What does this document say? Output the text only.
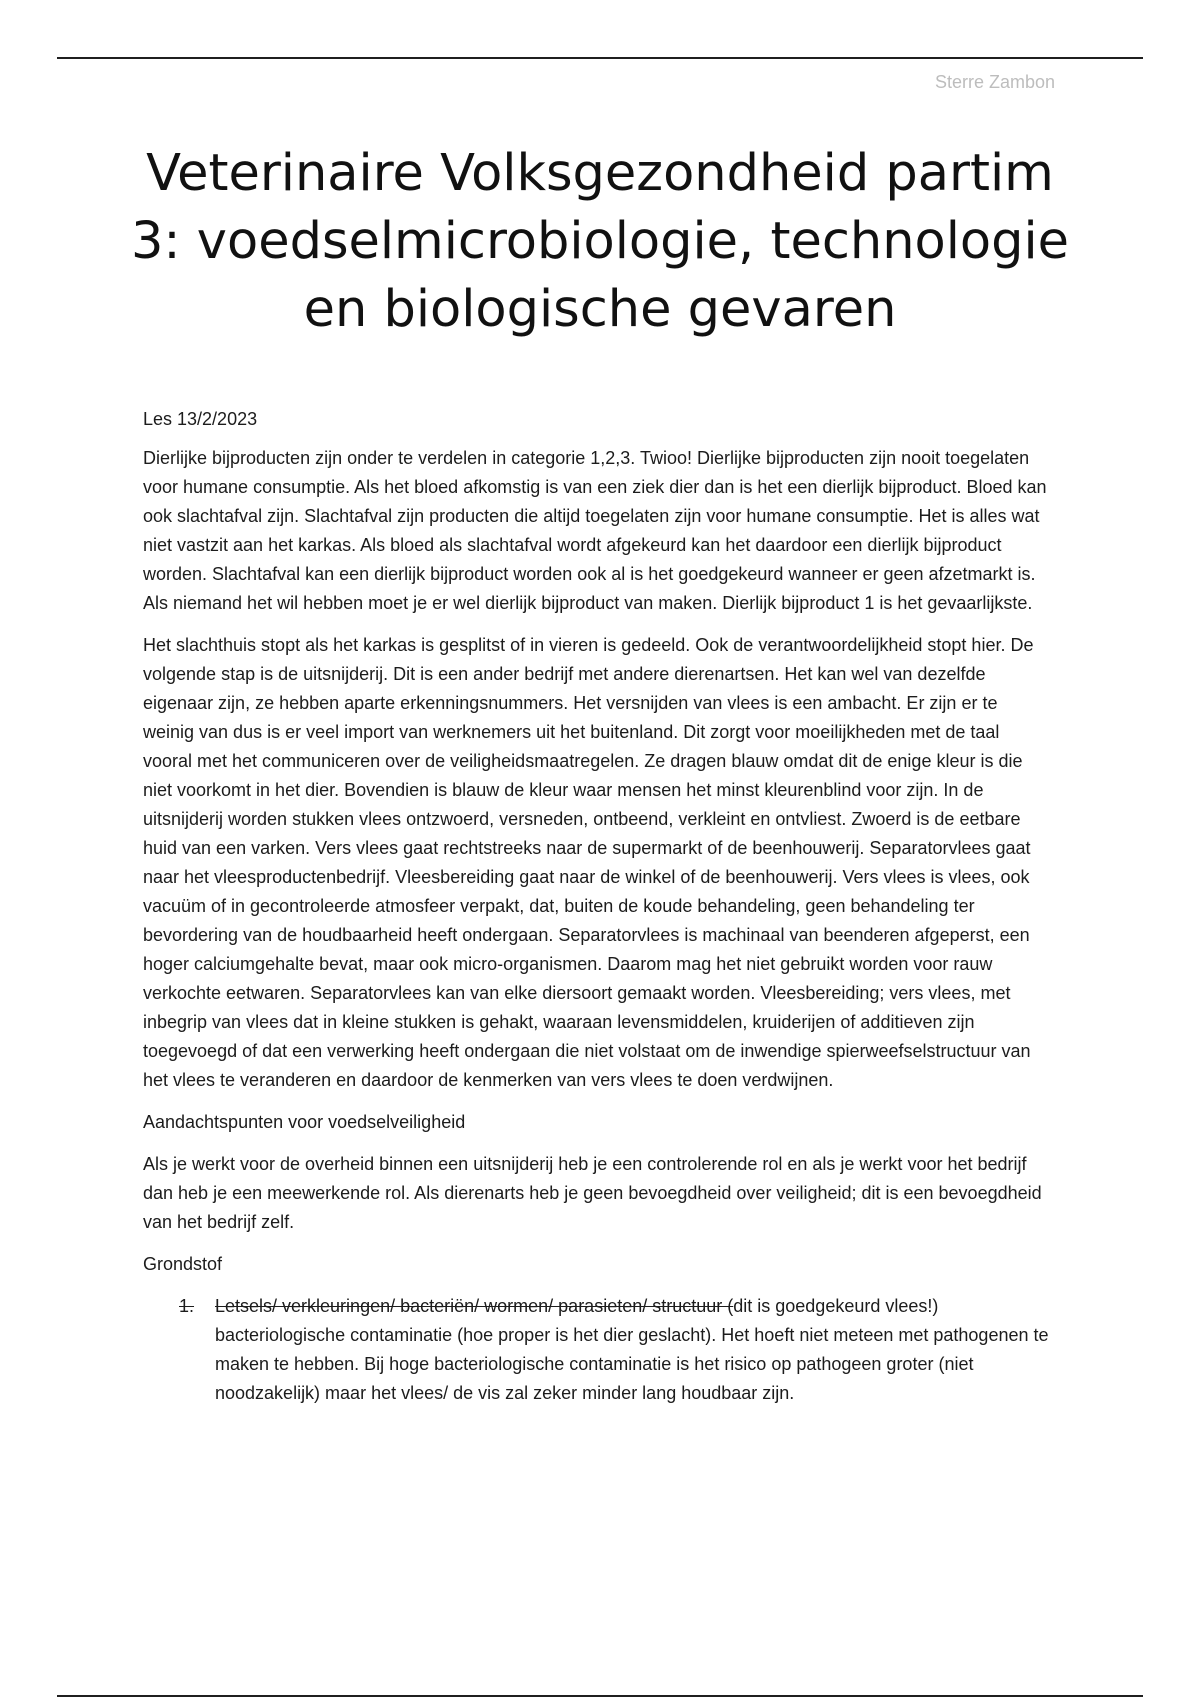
Sterre Zambon
Veterinaire Volksgezondheid partim 3: voedselmicrobiologie, technologie en biologische gevaren

Les 13/2/2023

Dierlijke bijproducten zijn onder te verdelen in categorie 1,2,3. Twioo! Dierlijke bijproducten zijn nooit toegelaten voor humane consumptie. Als het bloed afkomstig is van een ziek dier dan is het een dierlijk bijproduct. Bloed kan ook slachtafval zijn. Slachtafval zijn producten die altijd toegelaten zijn voor humane consumptie. Het is alles wat niet vastzit aan het karkas. Als bloed als slachtafval wordt afgekeurd kan het daardoor een dierlijk bijproduct worden. Slachtafval kan een dierlijk bijproduct worden ook al is het goedgekeurd wanneer er geen afzetmarkt is. Als niemand het wil hebben moet je er wel dierlijk bijproduct van maken. Dierlijk bijproduct 1 is het gevaarlijkste.

Het slachthuis stopt als het karkas is gesplitst of in vieren is gedeeld. Ook de verantwoordelijkheid stopt hier. De volgende stap is de uitsnijderij. Dit is een ander bedrijf met andere dierenartsen. Het kan wel van dezelfde eigenaar zijn, ze hebben aparte erkenningsnummers. Het versnijden van vlees is een ambacht. Er zijn er te weinig van dus is er veel import van werknemers uit het buitenland. Dit zorgt voor moeilijkheden met de taal vooral met het communiceren over de veiligheidsmaatregelen. Ze dragen blauw omdat dit de enige kleur is die niet voorkomt in het dier. Bovendien is blauw de kleur waar mensen het minst kleurenblind voor zijn. In de uitsnijderij worden stukken vlees ontzwoerd, versneden, ontbeend, verkleint en ontvliest. Zwoerd is de eetbare huid van een varken. Vers vlees gaat rechtstreeks naar de supermarkt of de beenhouwerij. Separatorvlees gaat naar het vleesproductenbedrijf. Vleesbereiding gaat naar de winkel of de beenhouwerij. Vers vlees is vlees, ook vacuüm of in gecontroleerde atmosfeer verpakt, dat, buiten de koude behandeling, geen behandeling ter bevordering van de houdbaarheid heeft ondergaan. Separatorvlees is machinaal van beenderen afgeperst, een hoger calciumgehalte bevat, maar ook micro-organismen. Daarom mag het niet gebruikt worden voor rauw verkochte eetwaren. Separatorvlees kan van elke diersoort gemaakt worden. Vleesbereiding; vers vlees, met inbegrip van vlees dat in kleine stukken is gehakt, waaraan levensmiddelen, kruiderijen of additieven zijn toegevoegd of dat een verwerking heeft ondergaan die niet volstaat om de inwendige spierweefselstructuur van het vlees te veranderen en daardoor de kenmerken van vers vlees te doen verdwijnen.

Aandachtspunten voor voedselveiligheid

Als je werkt voor de overheid binnen een uitsnijderij heb je een controlerende rol en als je werkt voor het bedrijf dan heb je een meewerkende rol. Als dierenarts heb je geen bevoegdheid over veiligheid; dit is een bevoegdheid van het bedrijf zelf.

Grondstof

1. Letsels/ verkleuringen/ bacteriën/ wormen/ parasieten/ structuur (dit is goedgekeurd vlees!) bacteriologische contaminatie (hoe proper is het dier geslacht). Het hoeft niet meteen met pathogenen te maken te hebben. Bij hoge bacteriologische contaminatie is het risico op pathogeen groter (niet noodzakelijk) maar het vlees/ de vis zal zeker minder lang houdbaar zijn.
